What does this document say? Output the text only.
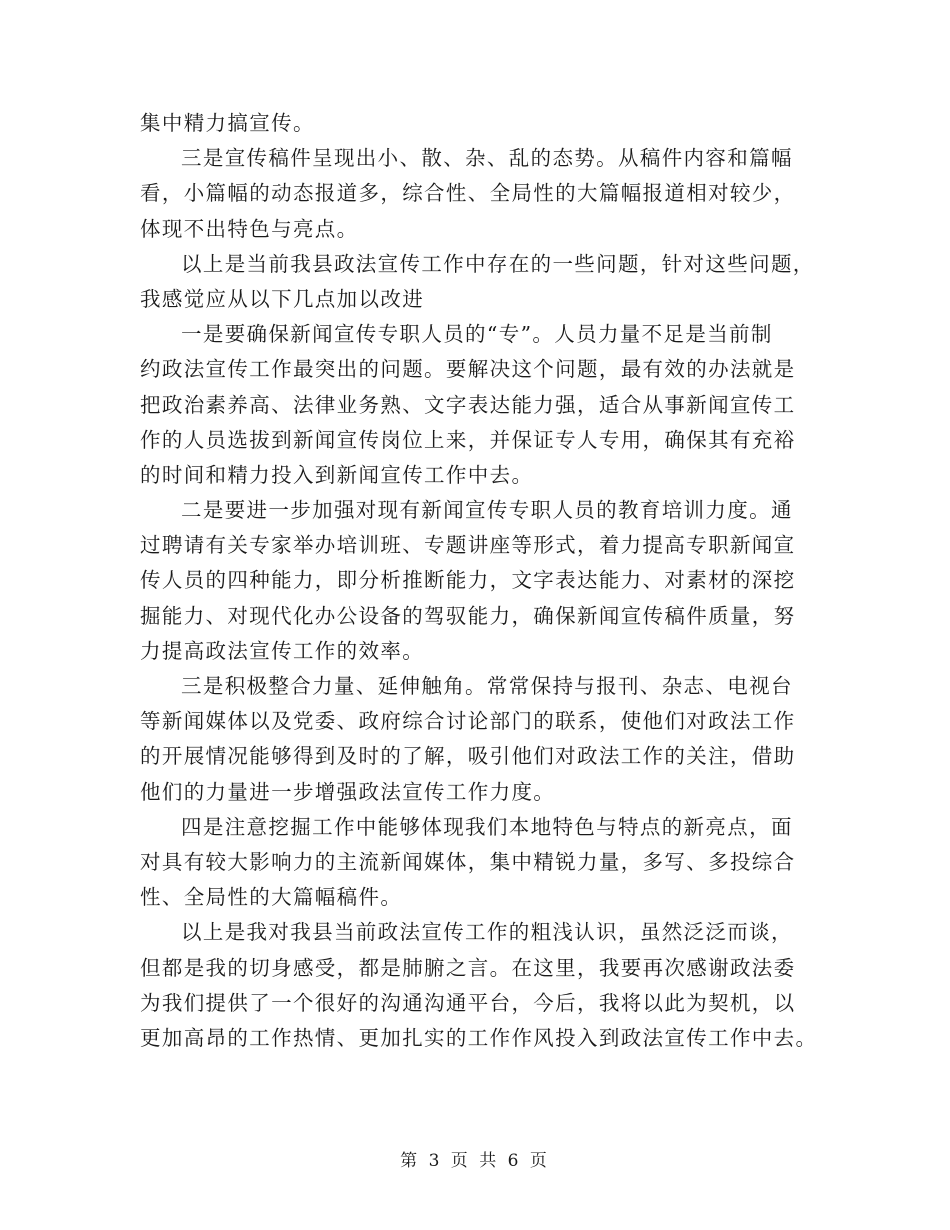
集中精力搞宣传。
三是宣传稿件呈现出小、散、杂、乱的态势。从稿件内容和篇幅
看，小篇幅的动态报道多，综合性、全局性的大篇幅报道相对较少，
体现不出特色与亮点。
以上是当前我县政法宣传工作中存在的一些问题，针对这些问题，
我感觉应从以下几点加以改进
一是要确保新闻宣传专职人员的“专”。人员力量不足是当前制
约政法宣传工作最突出的问题。要解决这个问题，最有效的办法就是
把政治素养高、法律业务熟、文字表达能力强，适合从事新闻宣传工
作的人员选拔到新闻宣传岗位上来，并保证专人专用，确保其有充裕
的时间和精力投入到新闻宣传工作中去。
二是要进一步加强对现有新闻宣传专职人员的教育培训力度。通
过聘请有关专家举办培训班、专题讲座等形式，着力提高专职新闻宣
传人员的四种能力，即分析推断能力，文字表达能力、对素材的深挖
掘能力、对现代化办公设备的驾驭能力，确保新闻宣传稿件质量，努
力提高政法宣传工作的效率。
三是积极整合力量、延伸触角。常常保持与报刊、杂志、电视台
等新闻媒体以及党委、政府综合讨论部门的联系，使他们对政法工作
的开展情况能够得到及时的了解，吸引他们对政法工作的关注，借助
他们的力量进一步增强政法宣传工作力度。
四是注意挖掘工作中能够体现我们本地特色与特点的新亮点，面
对具有较大影响力的主流新闻媒体，集中精锐力量，多写、多投综合
性、全局性的大篇幅稿件。
以上是我对我县当前政法宣传工作的粗浅认识，虽然泛泛而谈，
但都是我的切身感受，都是肺腑之言。在这里，我要再次感谢政法委
为我们提供了一个很好的沟通沟通平台，今后，我将以此为契机，以
更加高昂的工作热情、更加扎实的工作作风投入到政法宣传工作中去。
第 3 页 共 6 页
